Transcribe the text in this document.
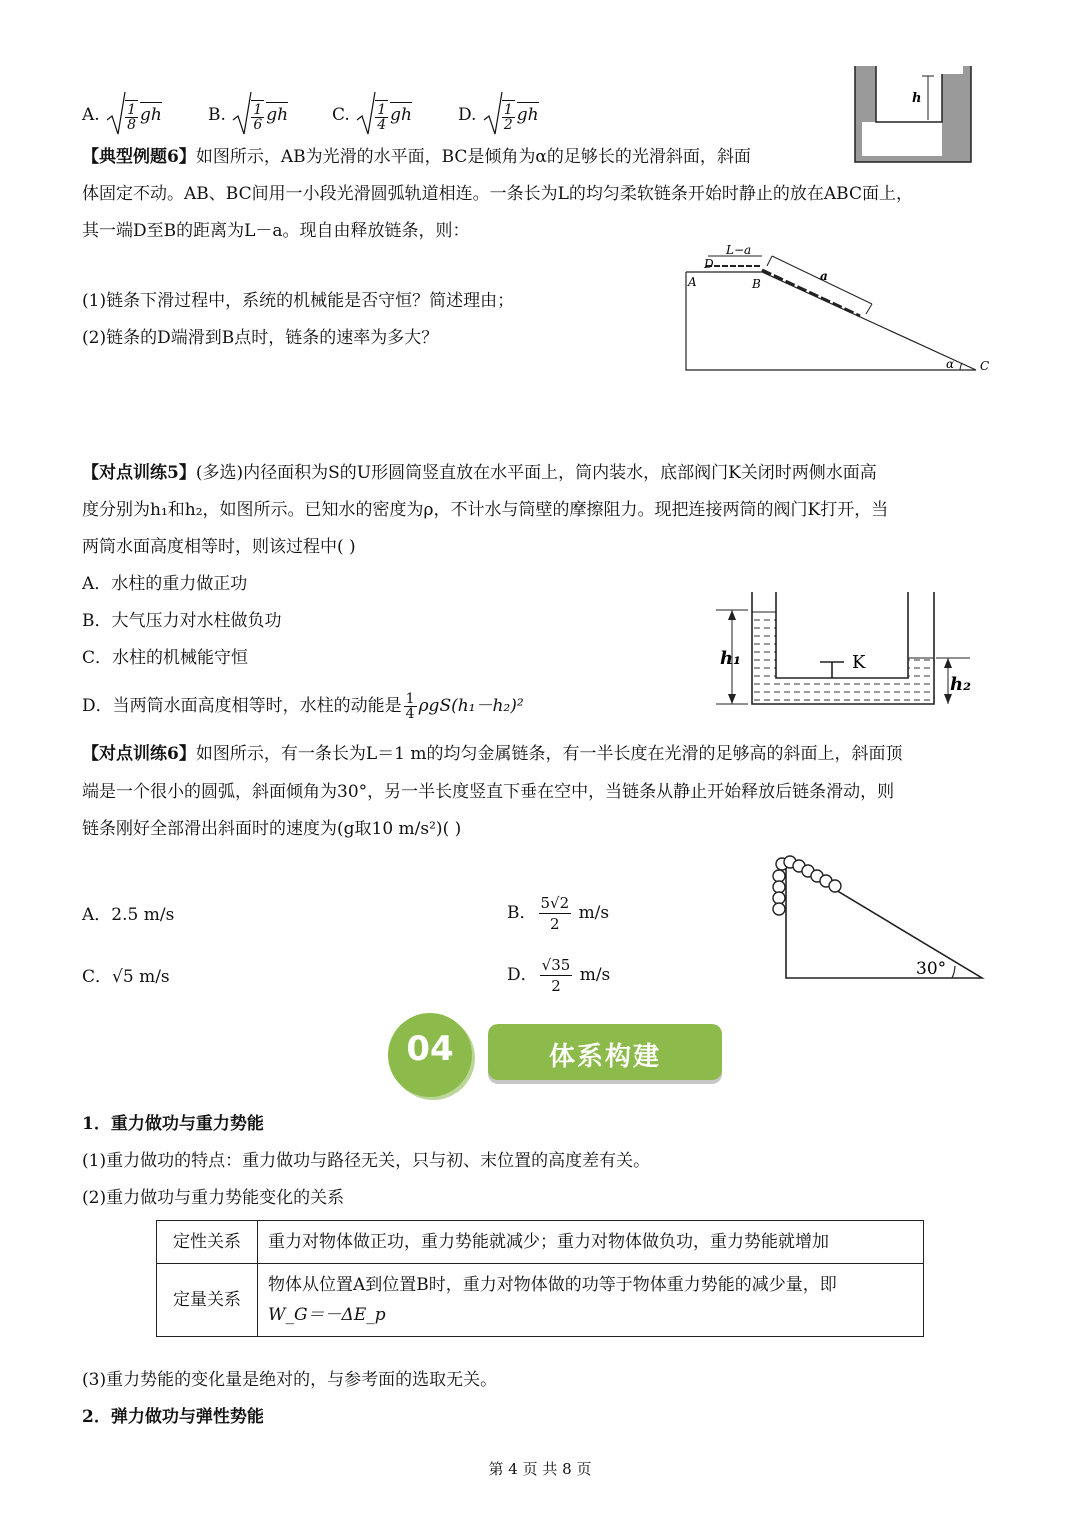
A. $\frac{1}{8}$ gh	B. $\frac{1}{6}$ gh	C. $\frac{1}{4}$ gh	D. $\frac{1}{2}$ gh
h
【典型例题6】如图所示，AB为光滑的水平面，BC是倾角为α的足够长的光滑斜面，斜面
体固定不动。AB、BC间用一小段光滑圆弧轨道相连。一条长为L的均匀柔软链条开始时静止的放在ABC面上，
其一端D至B的距离为L－a。现自由释放链条，则：
(1)链条下滑过程中，系统的机械能是否守恒？简述理由；
(2)链条的D端滑到B点时，链条的速率为多大？
D
A	B
C
L−a
a
α
【对点训练5】(多选)内径面积为S的U形圆筒竖直放在水平面上，筒内装水，底部阀门K关闭时两侧水面高
度分别为h₁和h₂，如图所示。已知水的密度为ρ，不计水与筒壁的摩擦阻力。现把连接两筒的阀门K打开，当
两筒水面高度相等时，则该过程中( )
A．水柱的重力做正功
B．大气压力对水柱做负功
C．水柱的机械能守恒
D．当两筒水面高度相等时，水柱的动能是 $\frac{1}{4} \rho gS(h_1-h_2)^2$
K
h₁
h₂
【对点训练6】如图所示，有一条长为L＝1 m的均匀金属链条，有一半长度在光滑的足够高的斜面上，斜面顶
端是一个很小的圆弧，斜面倾角为30°，另一半长度竖直下垂在空中，当链条从静止开始释放后链条滑动，则
链条刚好全部滑出斜面时的速度为(g取10 m/s²)( )
A．2.5 m/s	B． $\frac{5√2}{2} m/s$
C．√5 m/s	D． $\frac{√35}{2} m/s$	30°
04	体系构建
1．重力做功与重力势能
(1)重力做功的特点：重力做功与路径无关，只与初、末位置的高度差有关。
(2)重力做功与重力势能变化的关系
定性关系	重力对物体做正功，重力势能就减少；重力对物体做负功，重力势能就增加
定量关系	物体从位置A到位置B时，重力对物体做的功等于物体重力势能的减少量，即
W_G＝－ΔE_p
(3)重力势能的变化量是绝对的，与参考面的选取无关。
2．弹力做功与弹性势能
第 4 页 共 8 页
